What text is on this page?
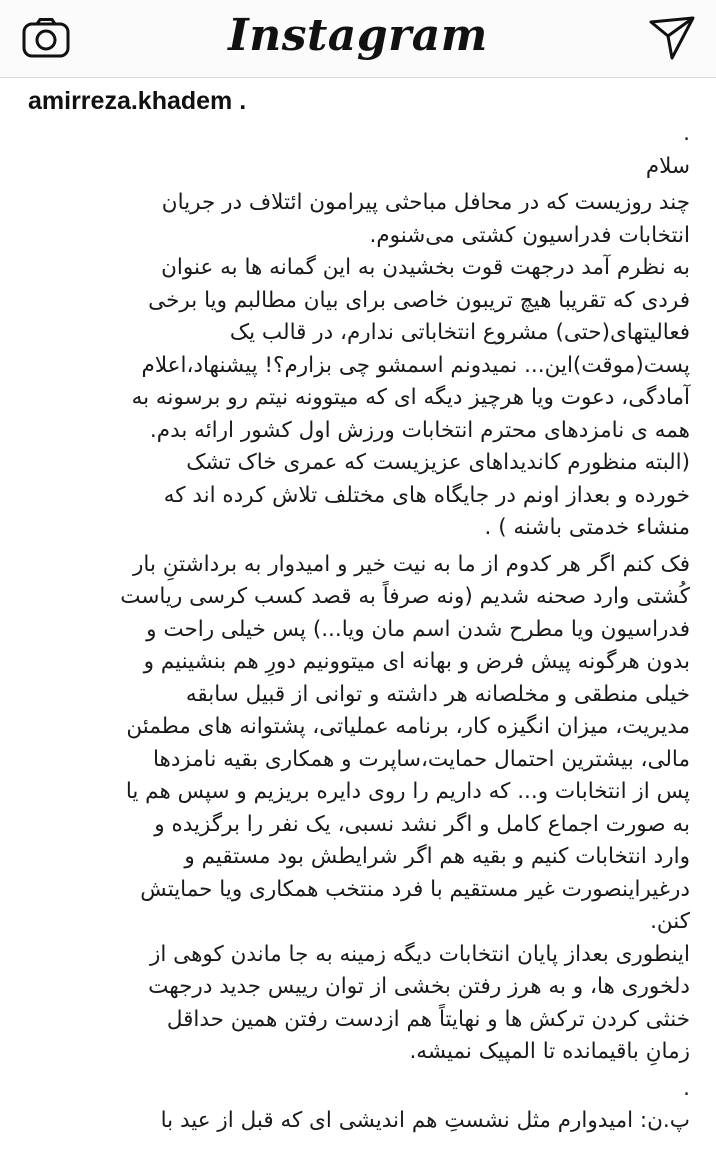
Instagram
amirreza.khadem .
.
سلام
چند روزیست که در محافل مباحثی پیرامون ائتلاف در جریان
انتخابات فدراسیون کشتی می‌شنوم.
به نظرم آمد درجهت قوت بخشیدن به این گمانه ها به عنوان
فردی که تقریبا هیچ تریبون خاصی برای بیان مطالبم ویا برخی
فعالیتهای(حتی) مشروع انتخاباتی ندارم، در قالب یک
پست(موقت)این... نمیدونم اسمشو چی بزارم؟! پیشنهاد،اعلام
آمادگی، دعوت ویا هرچیز دیگه ای که میتوونه نیتم رو برسونه به
همه ی نامزدهای محترم انتخابات ورزش اول کشور ارائه بدم.
(البته منظورم کاندیداهای عزیزیست که عمری خاک تشک
خورده و بعداز اونم در جایگاه های مختلف تلاش کرده اند که
منشاء خدمتی باشنه ) .
فک کنم اگر هر کدوم از ما به نیت خیر و امیدوار به برداشتنِ بار
کُشتی وارد صحنه شدیم (ونه صرفاً به قصد کسب کرسی ریاست
فدراسیون ویا مطرح شدن اسم مان ویا...) پس خیلی راحت و
بدون هرگونه پیش فرض و بهانه ای میتوونیم دورِ هم بنشینیم و
خیلی منطقی و مخلصانه هر داشته و توانی از قبیل سابقه
مدیریت، میزان انگیزه کار، برنامه عملیاتی، پشتوانه های مطمئن
مالی، بیشترین احتمال حمایت،ساپرت و همکاری بقیه نامزدها
پس از انتخابات و... که داریم را روی دایره بریزیم و سپس هم یا
به صورت اجماع کامل و اگر نشد نسبی، یک نفر را برگزیده و
وارد انتخابات کنیم و بقیه هم اگر شرایطش بود مستقیم و
درغیراینصورت غیر مستقیم با فرد منتخب همکاری ویا حمایتش
کنن.
اینطوری بعداز پایان انتخابات دیگه زمینه به جا ماندن کوهی از
دلخوری ها، و به هرز رفتن بخشی از توان رییس جدید درجهت
خنثی کردن ترکش ها و نهایتاً هم ازدست رفتن همین حداقل
زمانِ باقیمانده تا المپیک نمیشه.
.
پ.ن: امیدوارم مثل نشستِ هم اندیشی ای که قبل از عید با
